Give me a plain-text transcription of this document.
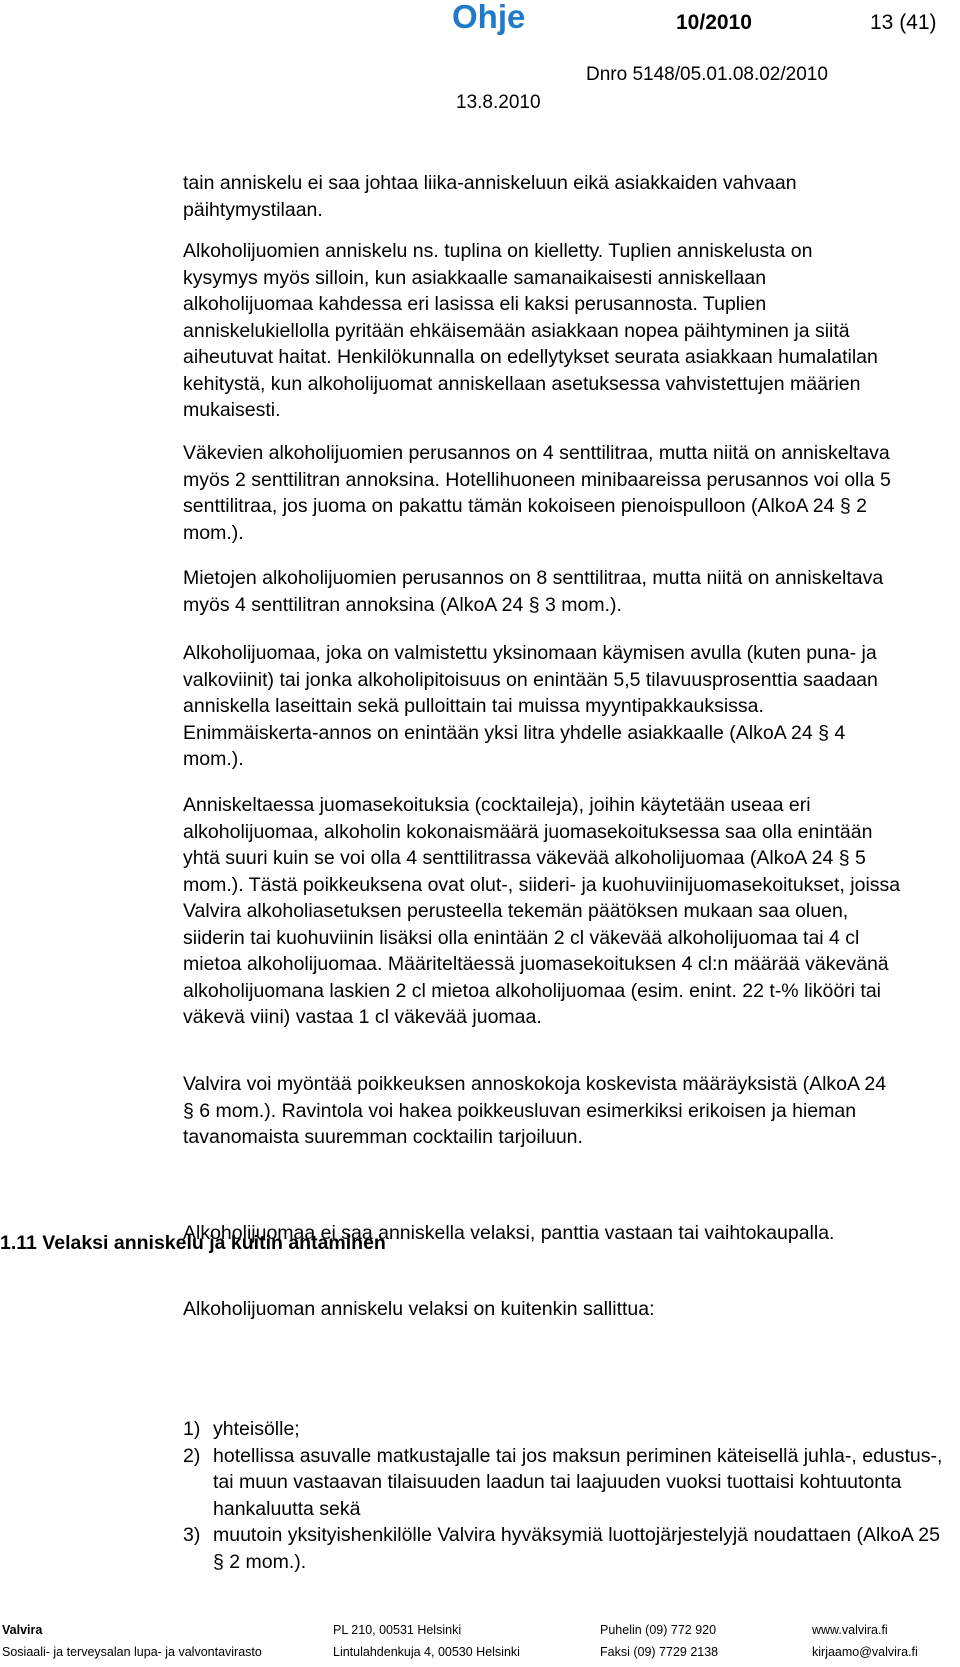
Ohje	10/2010	13 (41)
Dnro 5148/05.01.08.02/2010
13.8.2010

tain anniskelu ei saa johtaa liika-anniskeluun eikä asiakkaiden vahvaan päihtymystilaan.

Alkoholijuomien anniskelu ns. tuplina on kielletty. Tuplien anniskelusta on kysymys myös silloin, kun asiakkaalle samanaikaisesti anniskellaan alkoholijuomaa kahdessa eri lasissa eli kaksi perusannosta. Tuplien anniskelukiellolla pyritään ehkäisemään asiakkaan nopea päihtyminen ja siitä aiheutuvat haitat. Henkilökunnalla on edellytykset seurata asiakkaan humalatilan kehitystä, kun alkoholijuomat anniskellaan asetuksessa vahvistettujen määrien mukaisesti.

Väkevien alkoholijuomien perusannos on 4 senttilitraa, mutta niitä on anniskeltava myös 2 senttilitran annoksina. Hotellihuoneen minibaareissa perusannos voi olla 5 senttilitraa, jos juoma on pakattu tämän kokoiseen pienoispulloon (AlkoA 24 § 2 mom.).

Mietojen alkoholijuomien perusannos on 8 senttilitraa, mutta niitä on anniskeltava myös 4 senttilitran annoksina (AlkoA 24 § 3 mom.).

Alkoholijuomaa, joka on valmistettu yksinomaan käymisen avulla (kuten puna- ja valkoviinit) tai jonka alkoholipitoisuus on enintään 5,5 tilavuusprosenttia saadaan anniskella laseittain sekä pulloittain tai muissa myyntipakkauksissa. Enimmäiskerta-annos on enintään yksi litra yhdelle asiakkaalle (AlkoA 24 § 4 mom.).

Anniskeltaessa juomasekoituksia (cocktaileja), joihin käytetään useaa eri alkoholijuomaa, alkoholin kokonaismäärä juomasekoituksessa saa olla enintään yhtä suuri kuin se voi olla 4 senttilitrassa väkevää alkoholijuomaa (AlkoA 24 § 5 mom.). Tästä poikkeuksena ovat olut-, siideri- ja kuohuviinijuomasekoitukset, joissa Valvira alkoholiasetuksen perusteella tekemän päätöksen mukaan saa oluen, siiderin tai kuohuviinin lisäksi olla enintään 2 cl väkevää alkoholijuomaa tai 4 cl mietoa alkoholijuomaa. Määriteltäessä juomasekoituksen 4 cl:n määrää väkevänä alkoholijuomana laskien 2 cl mietoa alkoholijuomaa (esim. enint. 22 t-% likööri tai väkevä viini) vastaa 1 cl väkevää juomaa.

Valvira voi myöntää poikkeuksen annoskokoja koskevista määräyksistä (AlkoA 24 § 6 mom.). Ravintola voi hakea poikkeusluvan esimerkiksi erikoisen ja hieman tavanomaista suuremman cocktailin tarjoiluun.

Alkoholijuomaa ei saa anniskella velaksi, panttia vastaan tai vaihtokaupalla.

Alkoholijuoman anniskelu velaksi on kuitenkin sallittua:

1.11 Velaksi anniskelu ja kuitin antaminen
1) yhteisölle;
2) hotellissa asuvalle matkustajalle tai jos maksun periminen käteisellä juhla-, edustus-, tai muun vastaavan tilaisuuden laadun tai laajuuden vuoksi tuottaisi kohtuutonta hankaluutta sekä
3) muutoin yksityishenkilölle Valvira hyväksymiä luottojärjestelyjä noudattaen (AlkoA 25 § 2 mom.).
Valvira
Sosiaali- ja terveysalan lupa- ja valvontavirasto
PL 210, 00531 Helsinki
Lintulahdenkuja 4, 00530 Helsinki
Puhelin (09) 772 920
Faksi (09) 7729 2138
www.valvira.fi
kirjaamo@valvira.fi
